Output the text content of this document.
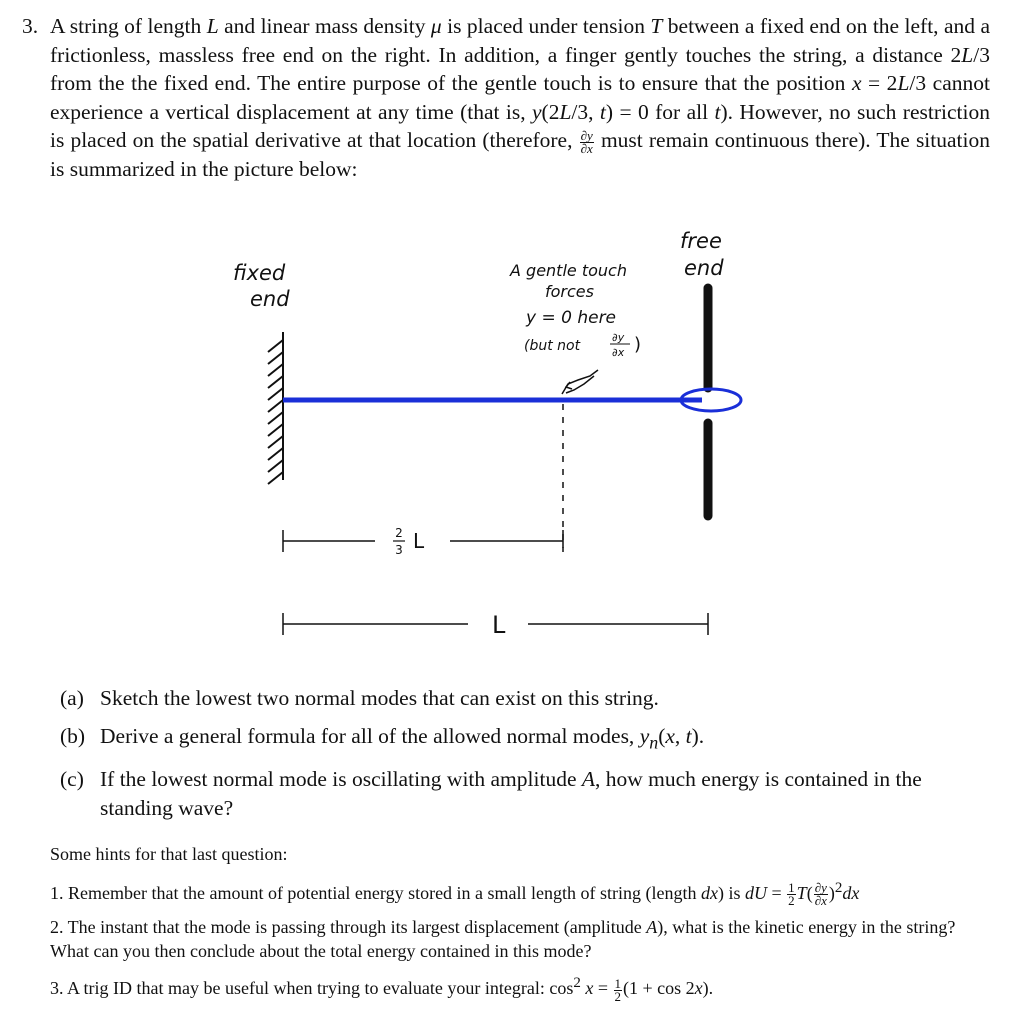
3. A string of length L and linear mass density μ is placed under tension T between a fixed end on the left, and a frictionless, massless free end on the right. In addition, a finger gently touches the string, a distance 2L/3 from the the fixed end. The entire purpose of the gentle touch is to ensure that the position x = 2L/3 cannot experience a vertical displacement at any time (that is, y(2L/3, t) = 0 for all t). However, no such restriction is placed on the spatial derivative at that location (therefore, $\frac{\partial y}{\partial x}$ must remain continuous there). The situation is summarized in the picture below:
fixed
end
free
end
A gentle touch
forces
y = 0 here
(but not
∂y
∂x )
2
3 L
L
(a) Sketch the lowest two normal modes that can exist on this string.
(b) Derive a general formula for all of the allowed normal modes, $y_n(x$, t).
(c) If the lowest normal mode is oscillating with amplitude A, how much energy is contained in the standing wave?
Some hints for that last question:
1. Remember that the amount of potential energy stored in a small length of string (length dx) is dU = $\frac{1}{2} T( \frac{\partial y}{\partial x} )^2dx$
2. The instant that the mode is passing through its largest displacement (amplitude A), what is the kinetic energy in the string? What can you then conclude about the total energy contained in this mode?
3. A trig ID that may be useful when trying to evaluate your integral: $\cos^2 x = \frac{1}{2} (1 + \cos 2x)$.
